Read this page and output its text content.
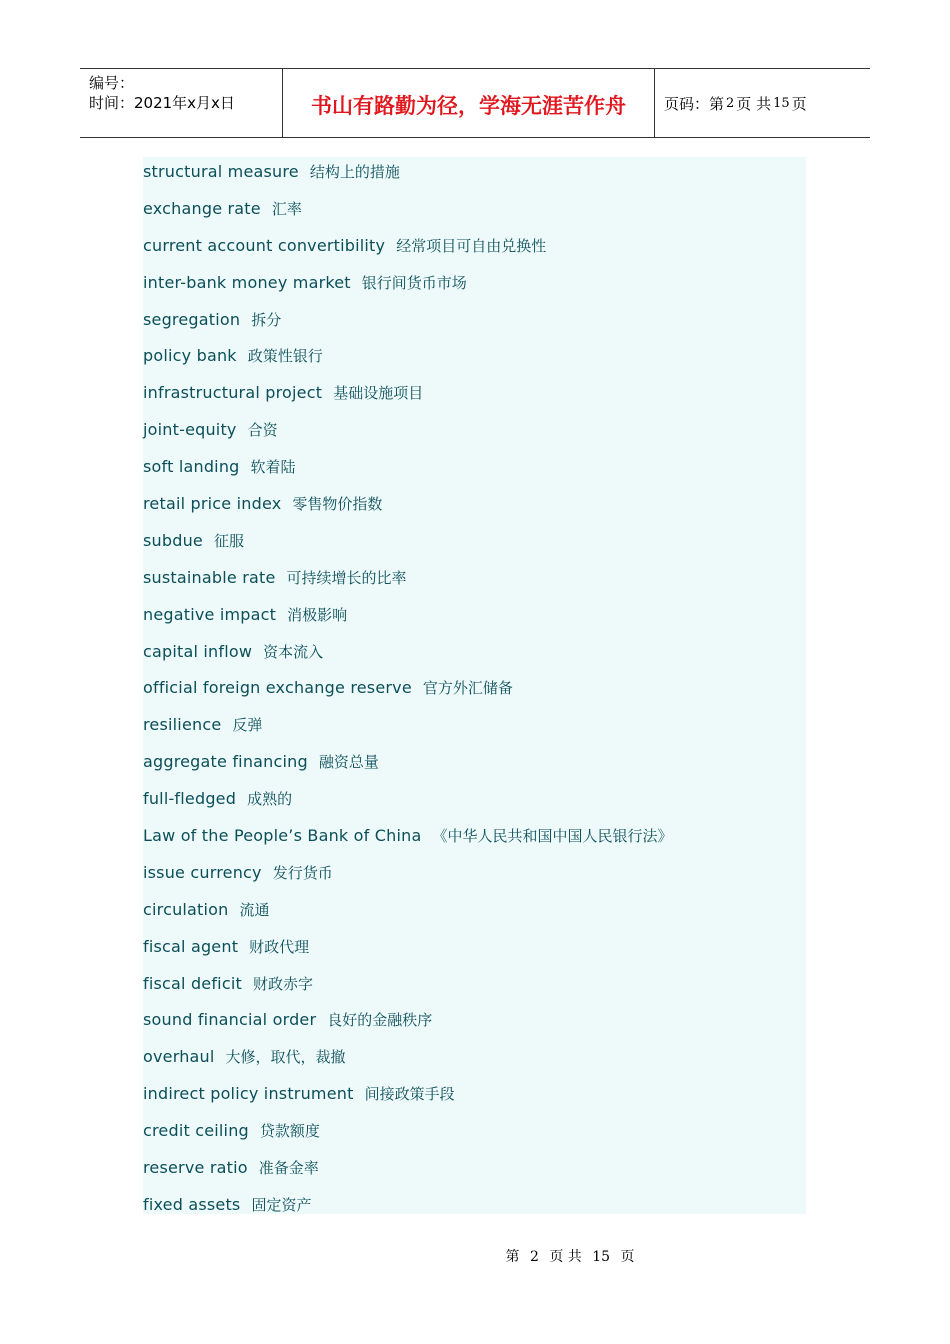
编号：
时间：2021年x月x日	书山有路勤为径，学海无涯苦作舟	页码：第 2 页 共 15 页
structural measure 结构上的措施
exchange rate 汇率
current account convertibility 经常项目可自由兑换性
inter-bank money market 银行间货币市场
segregation 拆分
policy bank 政策性银行
infrastructural project 基础设施项目
joint-equity 合资
soft landing 软着陆
retail price index 零售物价指数
subdue 征服
sustainable rate 可持续增长的比率
negative impact 消极影响
capital inflow 资本流入
official foreign exchange reserve 官方外汇储备
resilience 反弹
aggregate financing 融资总量
full-fledged 成熟的
Law of the People’s Bank of China 《中华人民共和国中国人民银行法》
issue currency 发行货币
circulation 流通
fiscal agent 财政代理
fiscal deficit 财政赤字
sound financial order 良好的金融秩序
overhaul 大修，取代，裁撤
indirect policy instrument 间接政策手段
credit ceiling 贷款额度
reserve ratio 准备金率
fixed assets 固定资产
第 2 页 共 15 页
